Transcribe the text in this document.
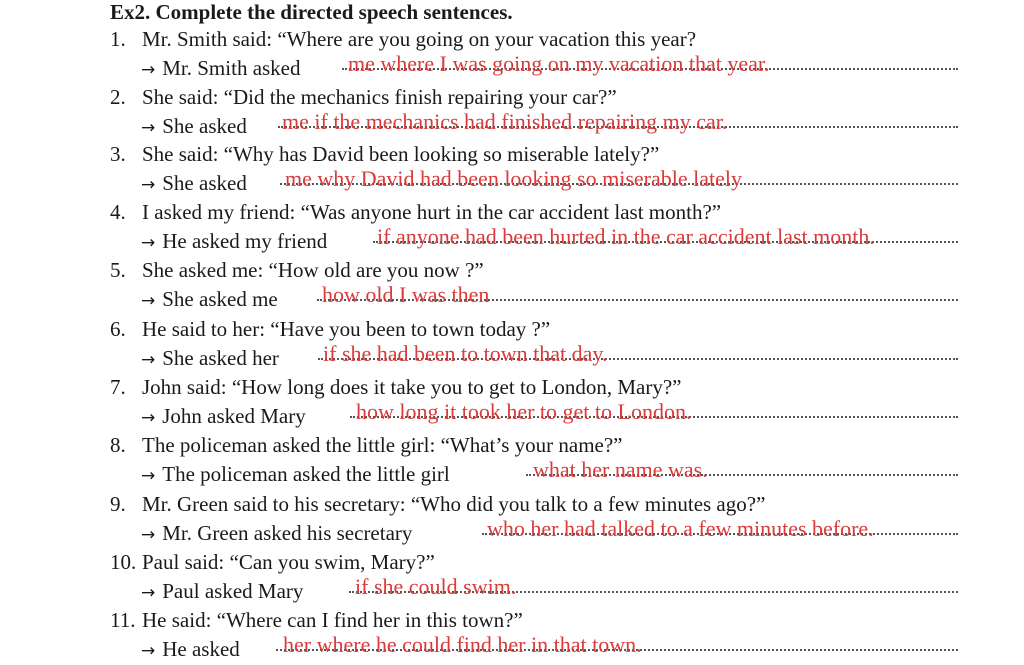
Ex2. Complete the directed speech sentences.
1. Mr. Smith said: “Where are you going on your vacation this year?
→ Mr. Smith asked me where I was going on my vacation that year.
2. She said: “Did the mechanics finish repairing your car?”
→ She asked me if the mechanics had finished repairing my car.
3. She said: “Why has David been looking so miserable lately?”
→ She asked me why David had been looking so miserable lately
4. I asked my friend: “Was anyone hurt in the car accident last month?”
→ He asked my friend if anyone had been hurted in the car accident last month.
5. She asked me: “How old are you now ?”
→ She asked me how old I was then
6. He said to her: “Have you been to town today ?”
→ She asked her if she had been to town that day.
7. John said: “How long does it take you to get to London, Mary?”
→ John asked Mary how long it took her to get to London.
8. The policeman asked the little girl: “What’s your name?”
→ The policeman asked the little girl	what her name was.
9. Mr. Green said to his secretary: “Who did you talk to a few minutes ago?”
→ Mr. Green asked his secretary	who her had talked to a few minutes before.
10. Paul said: “Can you swim, Mary?”
→ Paul asked Mary if she could swim.
11. He said: “Where can I find her in this town?”
→ He asked her where he could find her in that town.
